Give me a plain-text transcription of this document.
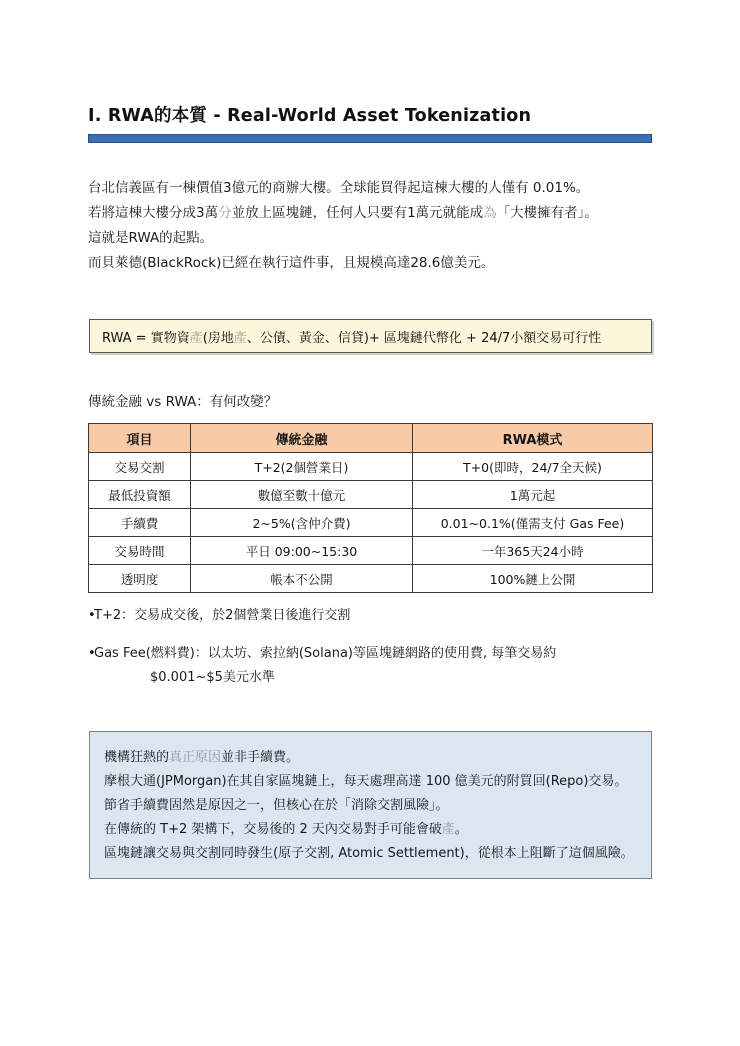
I. RWA的本質 - Real-World Asset Tokenization
台北信義區有一棟價值3億元的商辦大樓。全球能買得起這棟大樓的人僅有 0.01%。
若將這棟大樓分成3萬分並放上區塊鏈，任何人只要有1萬元就能成為「大樓擁有者」。
這就是RWA的起點。
而貝萊德(BlackRock)已經在執行這件事，且規模高達28.6億美元。
RWA = 實物資產(房地產、公債、黃金、信貸)+ 區塊鏈代幣化 + 24/7小額交易可行性
傳統金融 vs RWA：有何改變？
項目	傳統金融	RWA模式
交易交割	T+2(2個營業日)	T+0(即時，24/7全天候)
最低投資額	數億至數十億元	1萬元起
手續費	2~5%(含仲介費)	0.01~0.1%(僅需支付 Gas Fee)
交易時間	平日 09:00~15:30	一年365天24小時
透明度	帳本不公開	100%鏈上公開
•T+2：交易成交後，於2個營業日後進行交割
•Gas Fee(燃料費)：以太坊、索拉納(Solana)等區塊鏈網路的使用費, 每筆交易約
$0.001~$5美元水準
機構狂熱的真正原因並非手續費。
摩根大通(JPMorgan)在其自家區塊鏈上，每天處理高達 100 億美元的附買回(Repo)交易。
節省手續費固然是原因之一，但核心在於「消除交割風險」。
在傳統的 T+2 架構下，交易後的 2 天內交易對手可能會破產。
區塊鏈讓交易與交割同時發生(原子交割, Atomic Settlement)，從根本上阻斷了這個風險。
